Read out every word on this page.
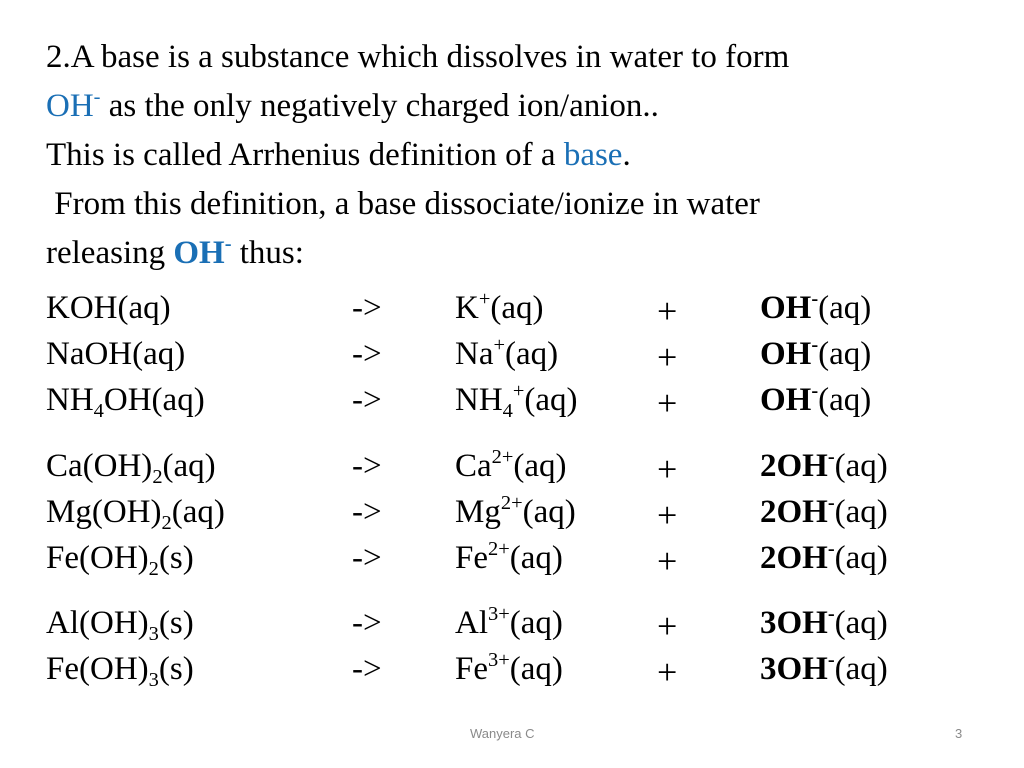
2.A base is a substance which dissolves in water to form
OH- as the only negatively charged ion/anion..
This is called Arrhenius definition of a base.
From this definition, a base dissociate/ionize in water
releasing OH- thus:
KOH(aq)	-> K+(aq)	+	OH-(aq)
NaOH(aq)	-> Na+(aq)	+	OH-(aq)
$NH_4OH(aq)$	-> $NH_4^+(aq)$ +	OH-(aq)
$Ca(OH)_2(aq)$	-> $Ca^{2+}(aq)$	+	2OH-(aq)
$Mg(OH)_2(aq)$	-> $Mg^{2+}(aq)$ +	2OH-(aq)
$Fe(OH)_2(s)$	-> $Fe^{2+}(aq)$	+	2OH-(aq)
$Al(OH)_3(s)$	-> $Al^{3+}(aq)$	+	3OH-(aq)
$Fe(OH)_3(s)$	-> $Fe^{3+}(aq)$	+	3OH-(aq)
Wanyera C	3
